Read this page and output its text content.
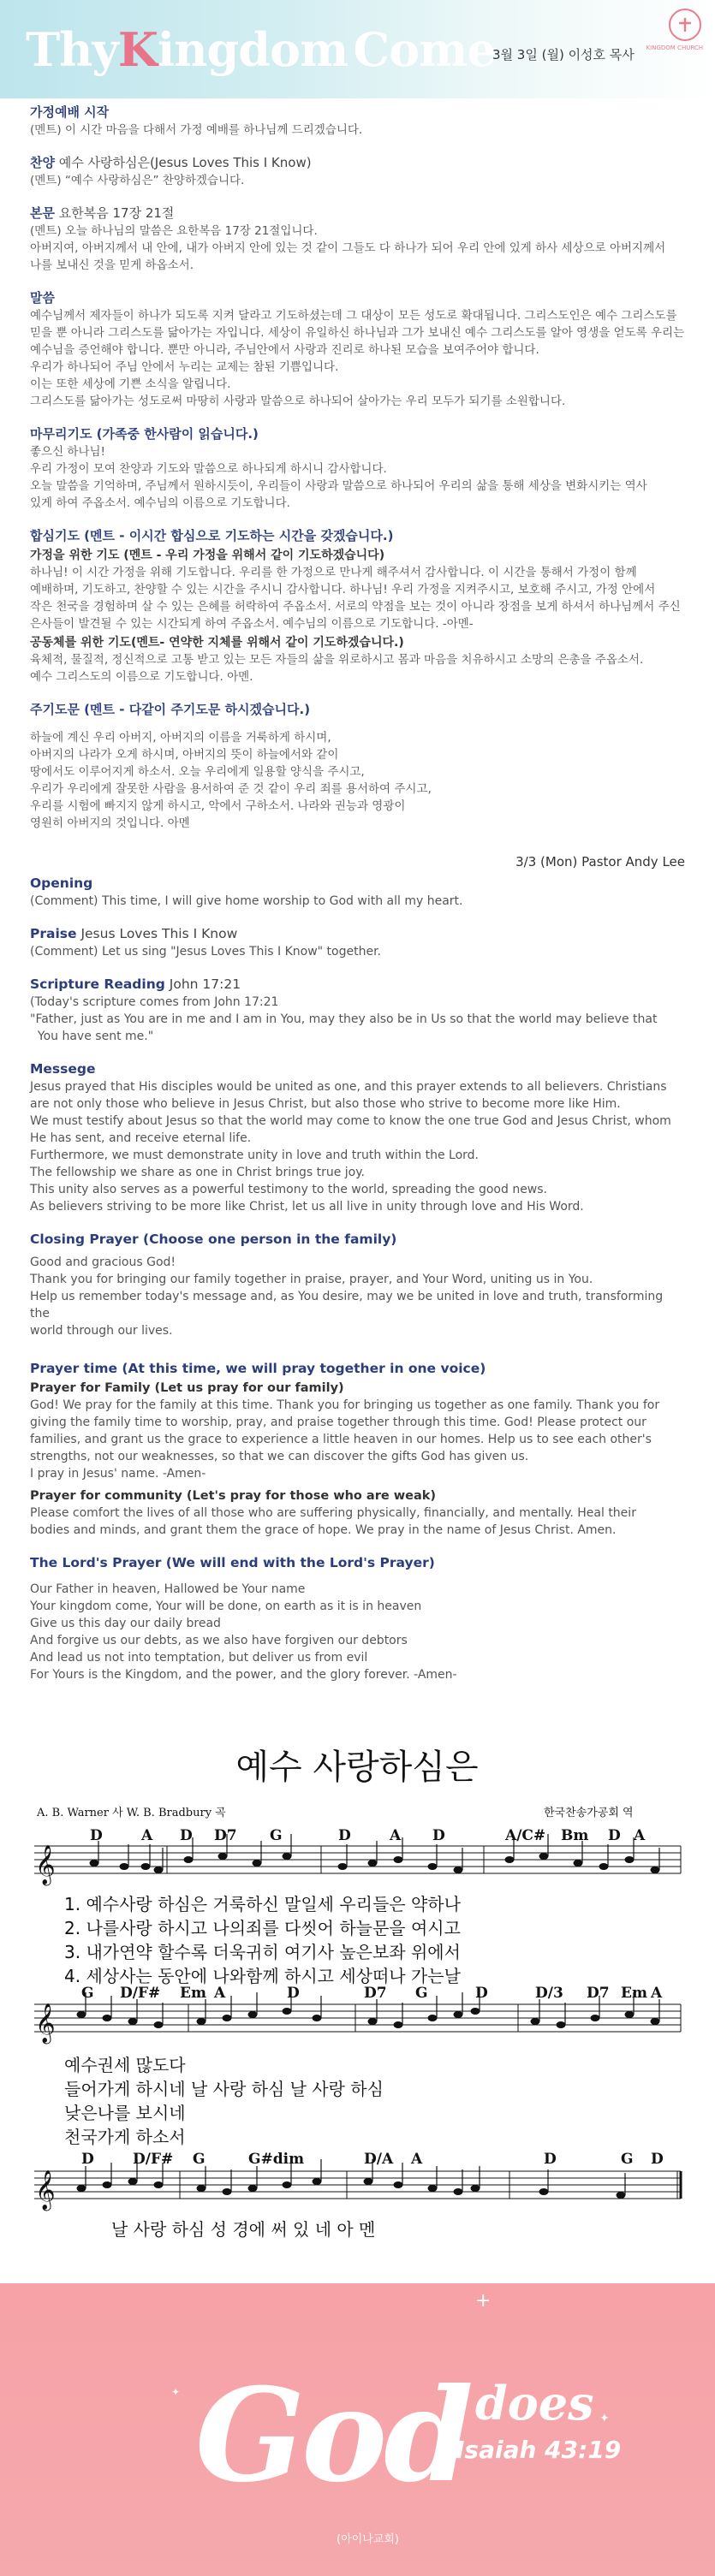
ThyKingdom Come
3월 3일 (월) 이성호 목사 KINGDOM CHURCH
가정예배 시작

(멘트) 이 시간 마음을 다해서 가정 예배를 하나님께 드리겠습니다.

찬양 예수 사랑하심은(Jesus Loves This I Know)

(멘트) “예수 사랑하심은” 찬양하겠습니다.

본문 요한복음 17장 21절

(멘트) 오늘 하나님의 말씀은 요한복음 17장 21절입니다.

아버지여, 아버지께서 내 안에, 내가 아버지 안에 있는 것 같이 그들도 다 하나가 되어 우리 안에 있게 하사 세상으로 아버지께서

나를 보내신 것을 믿게 하옵소서.

말씀

예수님께서 제자들이 하나가 되도록 지켜 달라고 기도하셨는데 그 대상이 모든 성도로 확대됩니다. 그리스도인은 예수 그리스도를

믿을 뿐 아니라 그리스도를 닮아가는 자입니다. 세상이 유일하신 하나님과 그가 보내신 예수 그리스도를 알아 영생을 얻도록 우리는

예수님을 증언해야 합니다. 뿐만 아니라, 주님안에서 사랑과 진리로 하나된 모습을 보여주어야 합니다.

우리가 하나되어 주님 안에서 누리는 교제는 참된 기쁨입니다.

이는 또한 세상에 기쁜 소식을 알립니다.

그리스도를 닮아가는 성도로써 마땅히 사랑과 말씀으로 하나되어 살아가는 우리 모두가 되기를 소원합니다.

마무리기도 (가족중 한사람이 읽습니다.)

좋으신 하나님!

우리 가정이 모여 찬양과 기도와 말씀으로 하나되게 하시니 감사합니다.

오늘 말씀을 기억하며, 주님께서 원하시듯이, 우리들이 사랑과 말씀으로 하나되어 우리의 삶을 통해 세상을 변화시키는 역사

있게 하여 주옵소서. 예수님의 이름으로 기도합니다.

합심기도 (멘트 - 이시간 합심으로 기도하는 시간을 갖겠습니다.)
가정을 위한 기도 (멘트 - 우리 가정을 위해서 같이 기도하겠습니다)

하나님! 이 시간 가정을 위해 기도합니다. 우리를 한 가정으로 만나게 해주셔서 감사합니다. 이 시간을 통해서 가정이 함께

예배하며, 기도하고, 찬양할 수 있는 시간을 주시니 감사합니다. 하나님! 우리 가정을 지켜주시고, 보호해 주시고, 가정 안에서

작은 천국을 경험하며 살 수 있는 은혜를 허락하여 주옵소서. 서로의 약점을 보는 것이 아니라 장점을 보게 하셔서 하나님께서 주신

은사들이 발견될 수 있는 시간되게 하여 주옵소서. 예수님의 이름으로 기도합니다. -아멘-

공동체를 위한 기도(멘트- 연약한 지체를 위해서 같이 기도하겠습니다.)

육체적, 물질적, 정신적으로 고통 받고 있는 모든 자들의 삶을 위로하시고 몸과 마음을 치유하시고 소망의 은총을 주옵소서.

예수 그리스도의 이름으로 기도합니다. 아멘.

주기도문 (멘트 - 다같이 주기도문 하시겠습니다.)

하늘에 계신 우리 아버지, 아버지의 이름을 거룩하게 하시며,

아버지의 나라가 오게 하시며, 아버지의 뜻이 하늘에서와 같이

땅에서도 이루어지게 하소서. 오늘 우리에게 일용할 양식을 주시고,

우리가 우리에게 잘못한 사람을 용서하여 준 것 같이 우리 죄를 용서하여 주시고,

우리를 시험에 빠지지 않게 하시고, 악에서 구하소서. 나라와 권능과 영광이

영원히 아버지의 것입니다. 아멘

3/3 (Mon) Pastor Andy Lee
Opening

(Comment) This time, I will give home worship to God with all my heart.

Praise Jesus Loves This I Know

(Comment) Let us sing "Jesus Loves This I Know" together.

Scripture Reading John 17:21

(Today's scripture comes from John 17:21

"Father, just as You are in me and I am in You, may they also be in Us so that the world may believe that

You have sent me."

Messege

Jesus prayed that His disciples would be united as one, and this prayer extends to all believers. Christians

are not only those who believe in Jesus Christ, but also those who strive to become more like Him.

We must testify about Jesus so that the world may come to know the one true God and Jesus Christ, whom

He has sent, and receive eternal life.

Furthermore, we must demonstrate unity in love and truth within the Lord.

The fellowship we share as one in Christ brings true joy.

This unity also serves as a powerful testimony to the world, spreading the good news.

As believers striving to be more like Christ, let us all live in unity through love and His Word.

Closing Prayer (Choose one person in the family)

Good and gracious God!

Thank you for bringing our family together in praise, prayer, and Your Word, uniting us in You.

Help us remember today's message and, as You desire, may we be united in love and truth, transforming the

world through our lives.

Prayer time (At this time, we will pray together in one voice)
Prayer for Family (Let us pray for our family)

God! We pray for the family at this time. Thank you for bringing us together as one family. Thank you for

giving the family time to worship, pray, and praise together through this time. God! Please protect our

families, and grant us the grace to experience a little heaven in our homes. Help us to see each other's

strengths, not our weaknesses, so that we can discover the gifts God has given us.

I pray in Jesus' name. -Amen-

Prayer for community (Let's pray for those who are weak)

Please comfort the lives of all those who are suffering physically, financially, and mentally. Heal their

bodies and minds, and grant them the grace of hope. We pray in the name of Jesus Christ. Amen.

The Lord's Prayer (We will end with the Lord's Prayer)

Our Father in heaven, Hallowed be Your name

Your kingdom come, Your will be done, on earth as it is in heaven

Give us this day our daily bread

And forgive us our debts, as we also have forgiven our debtors

And lead us not into temptation, but deliver us from evil

For Yours is the Kingdom, and the power, and the glory forever. -Amen-

예수 사랑하심은
A. B. Warner 사 W. B. Bradbury 곡	한국찬송가공회 역
𝄞
D	A D D7 G	D	A D	A/C# Bm D A
1. 예수사랑 하심은 거룩하신 말일세 우리들은 약하나
2. 나를사랑 하시고 나의죄를 다씻어 하늘문을 여시고
3. 내가연약 할수록 더욱귀히 여기사 높은보좌 위에서
4. 세상사는 동안에 나와함께 하시고 세상떠나 가는날
𝄞
G D/F# Em A	D	D7 G	D	D/3 D7 Em A
예수권세 많도다
들어가게 하시네 날 사랑 하심 날 사랑 하심
낮은나를 보시네
천국가게 하소서
𝄞
D	D/F# G	G#dim	D/A A	D	G D
날 사랑 하심 성 경에 써 있 네 아 멘
+
✦
✦ God does
Isaiah 43:19
(아이나교회)
